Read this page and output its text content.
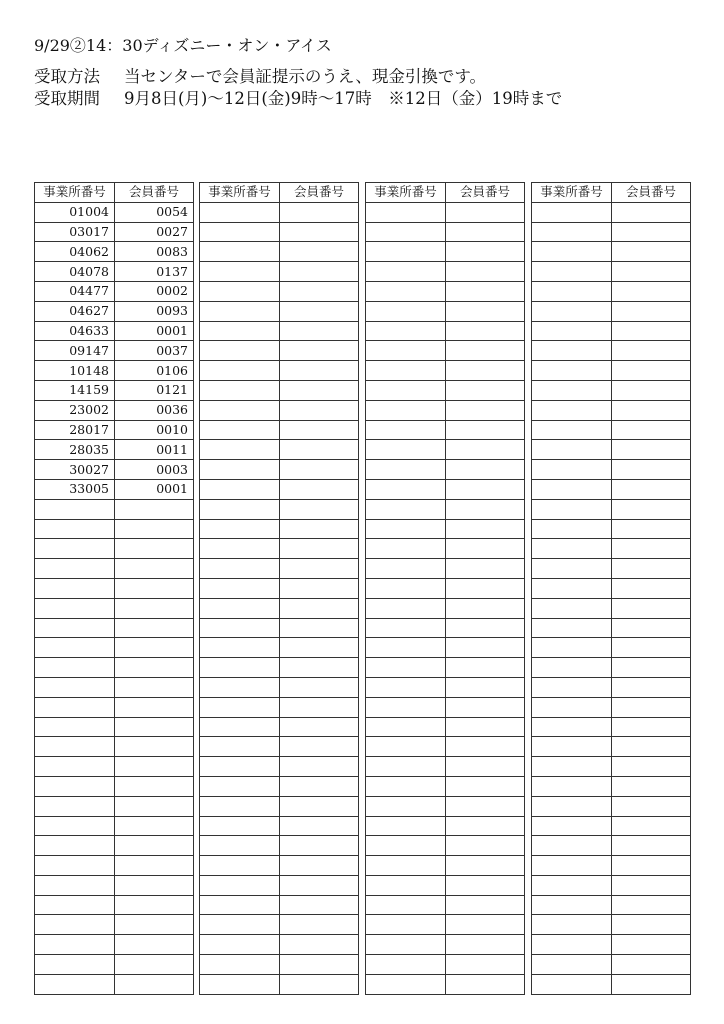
9/29②14：30ディズニー・オン・アイス
受取方法 当センターで会員証提示のうえ、現金引換です。
受取期間 9月8日(月)～12日(金)9時～17時　※12日（金）19時まで
事業所番号	会員番号
01004	0054
03017	0027
04062	0083
04078	0137
04477	0002
04627	0093
04633	0001
09147	0037
10148	0106
14159	0121
23002	0036
28017	0010
28035	0011
30027	0003
33005	0001

事業所番号	会員番号

	事業所番号	会員番号

	事業所番号	会員番号
